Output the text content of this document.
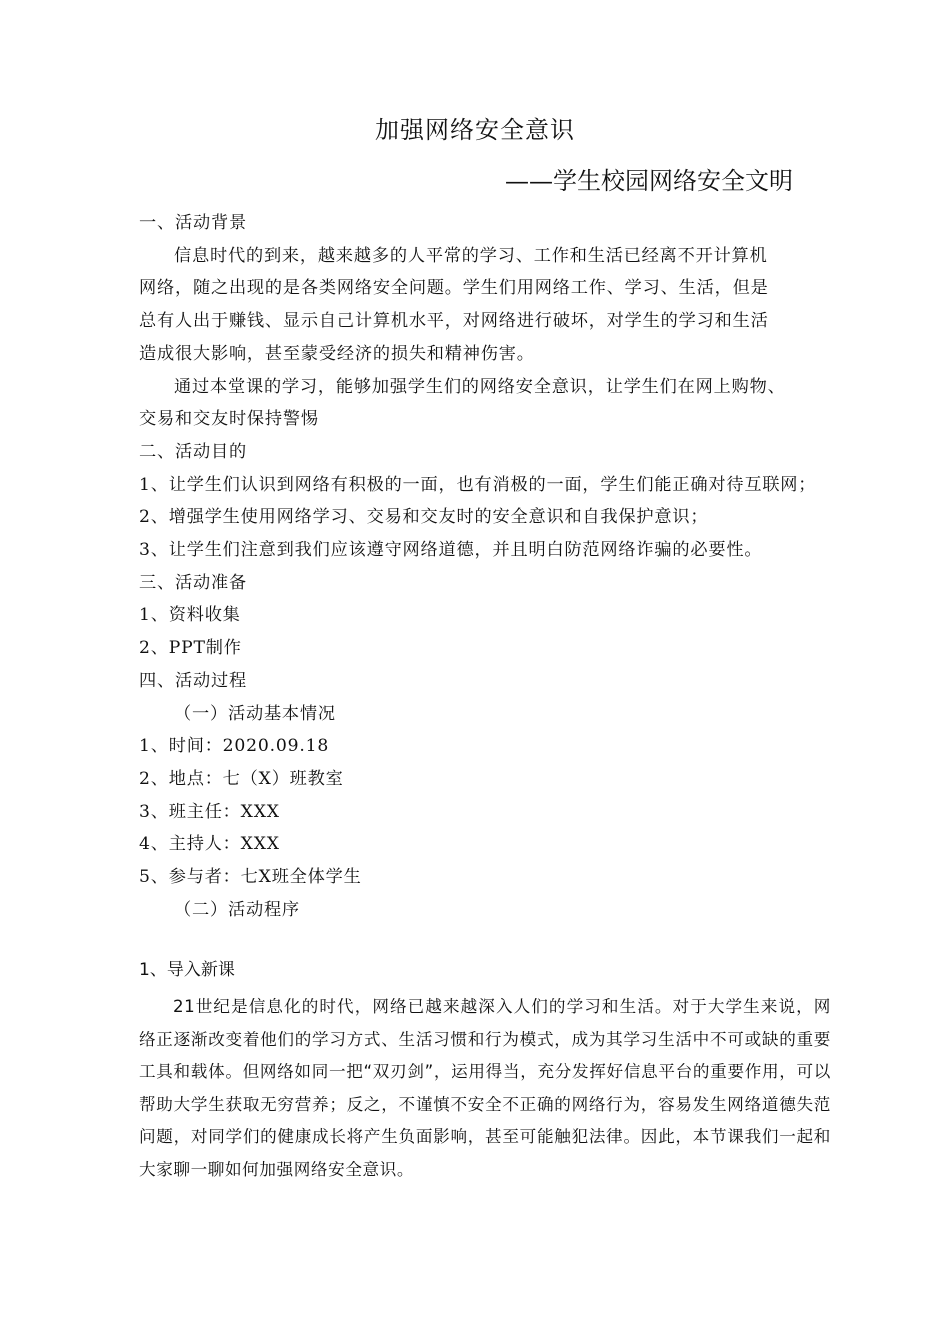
加强网络安全意识
——学生校园网络安全文明
一、活动背景
信息时代的到来，越来越多的人平常的学习、工作和生活已经离不开计算机
网络，随之出现的是各类网络安全问题。学生们用网络工作、学习、生活，但是
总有人出于赚钱、显示自己计算机水平，对网络进行破坏，对学生的学习和生活
造成很大影响，甚至蒙受经济的损失和精神伤害。
通过本堂课的学习，能够加强学生们的网络安全意识，让学生们在网上购物、
交易和交友时保持警惕
二、活动目的
1、让学生们认识到网络有积极的一面，也有消极的一面，学生们能正确对待互联网；
2、增强学生使用网络学习、交易和交友时的安全意识和自我保护意识；
3、让学生们注意到我们应该遵守网络道德，并且明白防范网络诈骗的必要性。
三、活动准备
1、资料收集
2、PPT制作
四、活动过程
（一）活动基本情况
1、时间：2020.09.18
2、地点：七（X）班教室
3、班主任：XXX
4、主持人：XXX
5、参与者：七X班全体学生
（二）活动程序
1、导入新课
21世纪是信息化的时代，网络已越来越深入人们的学习和生活。对于大学生来说，网络正逐渐改变着他们的学习方式、生活习惯和行为模式，成为其学习生活中不可或缺的重要工具和载体。但网络如同一把“双刃剑”，运用得当，充分发挥好信息平台的重要作用，可以帮助大学生获取无穷营养；反之，不谨慎不安全不正确的网络行为，容易发生网络道德失范问题，对同学们的健康成长将产生负面影响，甚至可能触犯法律。因此，本节课我们一起和大家聊一聊如何加强网络安全意识。
